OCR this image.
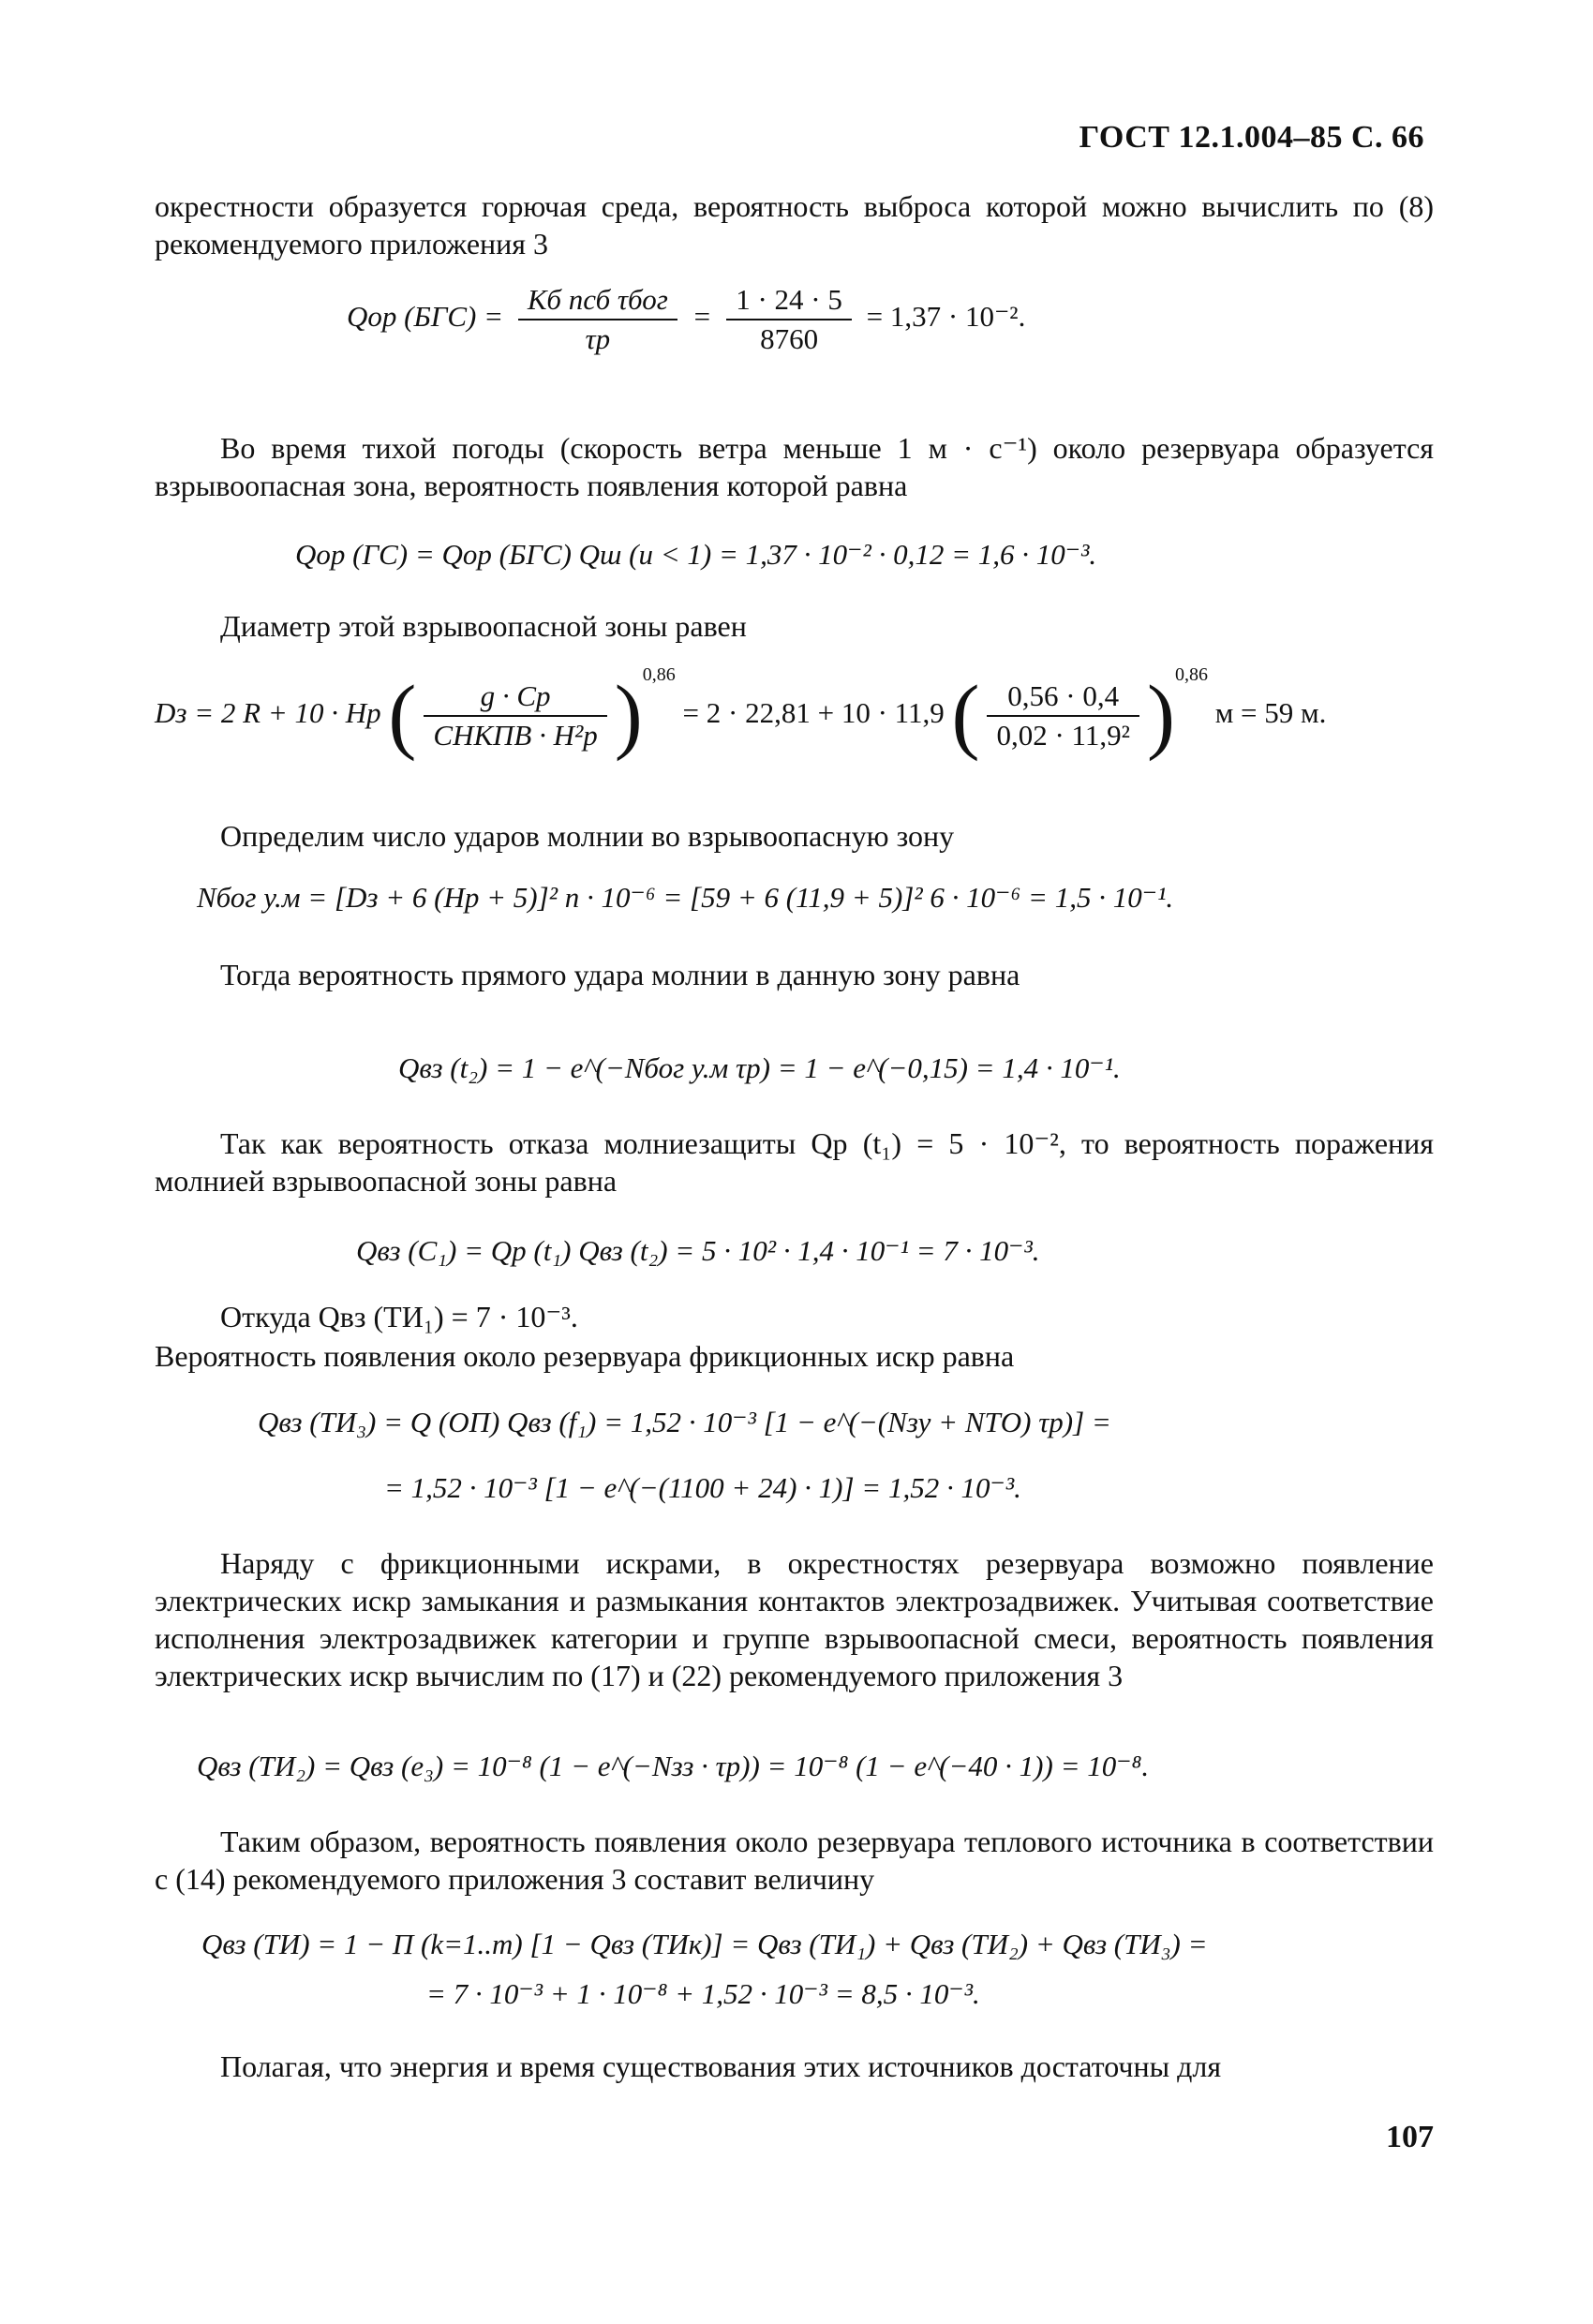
ГОСТ 12.1.004–85 С. 66
окрестности образуется горючая среда, вероятность выброса которой можно вычислить по (8) рекомендуемого приложения 3
Qор $(БГС) = \frac{\text{Кб nсб τбог}}{\tau р} = \frac{1 \cdot 24 \cdot 5}{8760} = 1,37 \cdot 10^{-2}$.
Во время тихой погоды (скорость ветра меньше 1 м · с⁻¹) около резервуара образуется взрывоопасная зона, вероятность появления которой равна
Qор (ГС) = Qор (БГС) Qш (u < 1) = 1,37 · 10⁻² · 0,12 = 1,6 · 10⁻³.
Диаметр этой взрывоопасной зоны равен
Dз = 2 R + 10 · Hр ( $\frac{g \cdot Cр}{\text{CНКПВ · H²р}} )^{0,86} = 2 \cdot 22,81 + 10 \cdot 11,9$ ( $\frac{0,56 \cdot 0,4}{\text{0,02 · 11,9²}} )^{0,86}$ м = 59 м.
Определим число ударов молнии во взрывоопасную зону
Nбог у.м = [Dз + 6 (Hр + 5)]² n · 10⁻⁶ = [59 + 6 (11,9 + 5)]² 6 · 10⁻⁶ = 1,5 · 10⁻¹.
Тогда вероятность прямого удара молнии в данную зону равна
Qвз (t₂) = 1 − e^(−Nбог у.м τр) = 1 − e^(−0,15) = 1,4 · 10⁻¹.
Так как вероятность отказа молниезащиты Qр (t₁) = 5 · 10⁻², то вероятность поражения молнией взрывоопасной зоны равна
Qвз (C₁) = Qр (t₁) Qвз (t₂) = 5 · 10² · 1,4 · 10⁻¹ = 7 · 10⁻³.
Откуда Qвз (ТИ₁) = 7 · 10⁻³.
Вероятность появления около резервуара фрикционных искр равна
Qвз (ТИ₃) = Q (ОП) Qвз (f₁) = 1,52 · 10⁻³ [1 − e^(−(Nзу + NТО) τр)] =
= 1,52 · 10⁻³ [1 − e^(−(1100 + 24) · 1)] = 1,52 · 10⁻³.
Наряду с фрикционными искрами, в окрестностях резервуара возможно появление электрических искр замыкания и размыкания контактов электрозадвижек. Учитывая соответствие исполнения электрозадвижек категории и группе взрывоопасной смеси, вероятность появления электрических искр вычислим по (17) и (22) рекомендуемого приложения 3
Qвз (ТИ₂) = Qвз (e₃) = 10⁻⁸ (1 − e^(−Nзз · τр)) = 10⁻⁸ (1 − e^(−40 · 1)) = 10⁻⁸.
Таким образом, вероятность появления около резервуара теплового источника в соответствии с (14) рекомендуемого приложения 3 составит величину
Qвз (ТИ) = 1 − Π (k=1..m) [1 − Qвз (ТИк)] = Qвз (ТИ₁) + Qвз (ТИ₂) + Qвз (ТИ₃) =
= 7 · 10⁻³ + 1 · 10⁻⁸ + 1,52 · 10⁻³ = 8,5 · 10⁻³.
Полагая, что энергия и время существования этих источников достаточны для
107
